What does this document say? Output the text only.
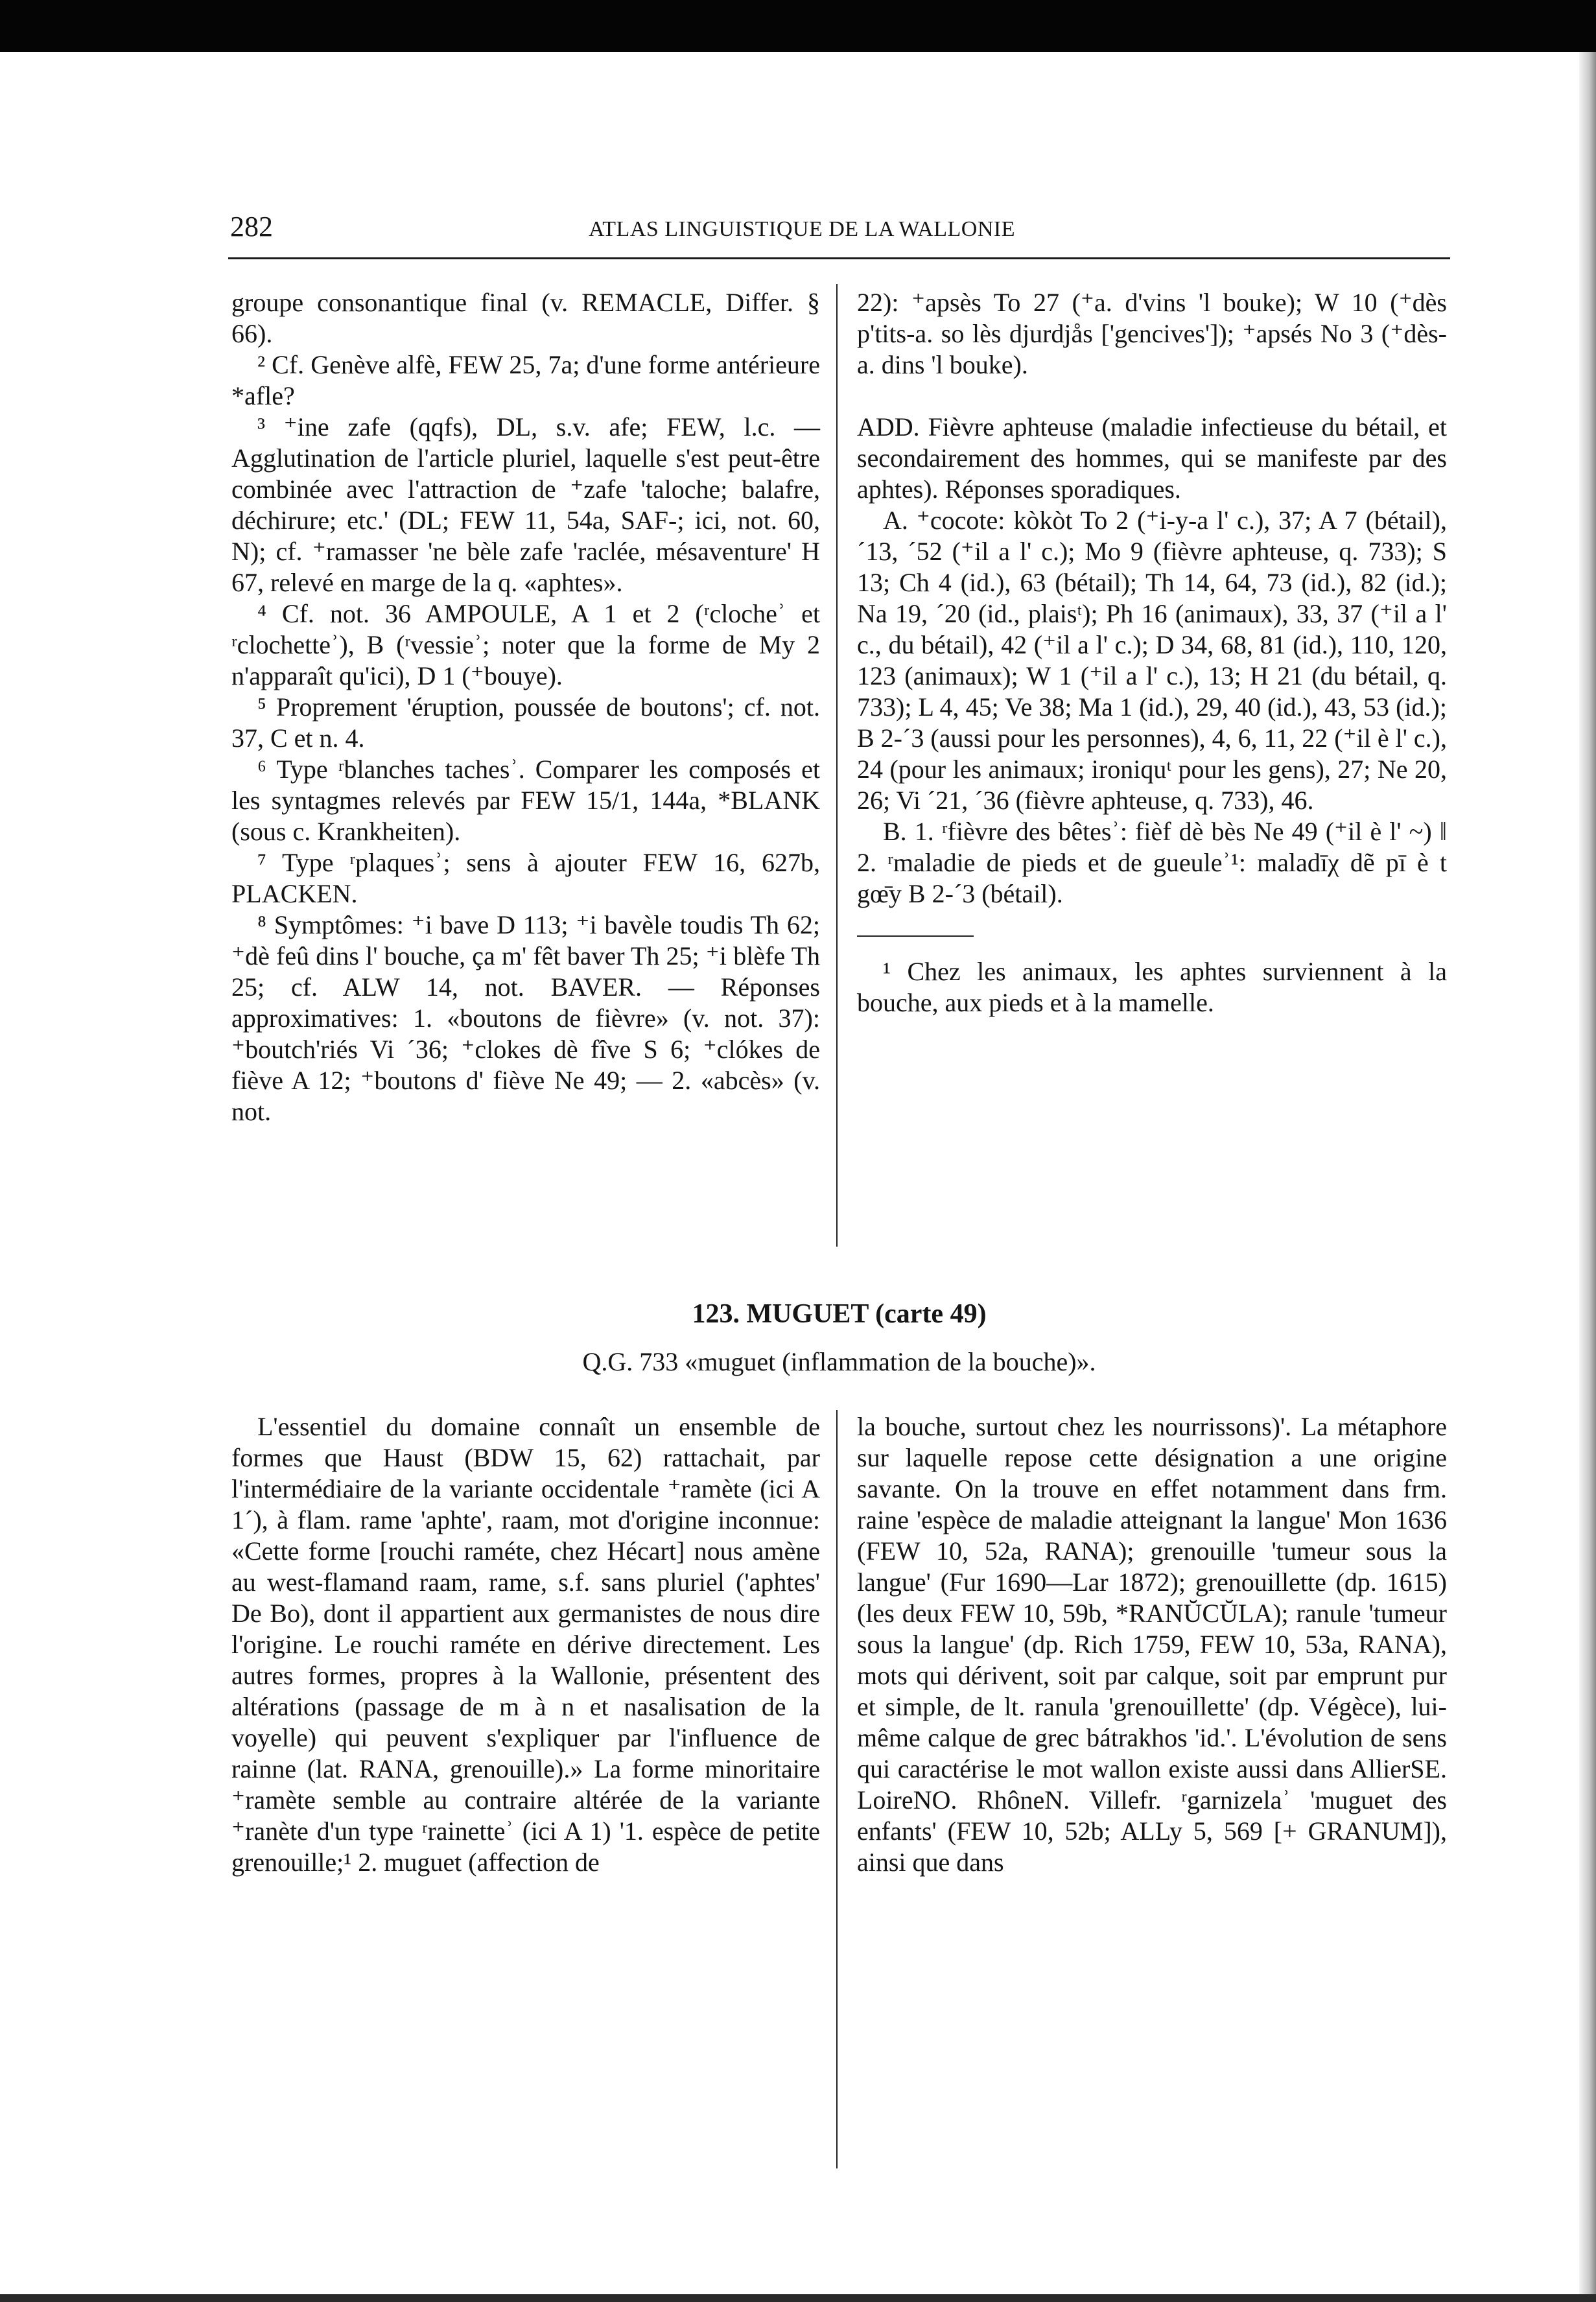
282	ATLAS LINGUISTIQUE DE LA WALLONIE

groupe consonantique final (v. REMACLE, Differ. § 66).

² Cf. Genève alfè, FEW 25, 7a; d'une forme antérieure *afle?

³ ⁺ine zafe (qqfs), DL, s.v. afe; FEW, l.c. — Agglutination de l'article pluriel, laquelle s'est peut-être combinée avec l'attraction de ⁺zafe 'taloche; balafre, déchirure; etc.' (DL; FEW 11, 54a, SAF-; ici, not. 60, N); cf. ⁺ramasser 'ne bèle zafe 'raclée, mésaventure' H 67, relevé en marge de la q. «aphtes».

⁴ Cf. not. 36 AMPOULE, A 1 et 2 (ʳclocheʾ et ʳclochetteʾ), B (ʳvessieʾ; noter que la forme de My 2 n'apparaît qu'ici), D 1 (⁺bouye).

⁵ Proprement 'éruption, poussée de boutons'; cf. not. 37, C et n. 4.

⁶ Type ʳblanches tachesʾ. Comparer les composés et les syntagmes relevés par FEW 15/1, 144a, *BLANK (sous c. Krankheiten).

⁷ Type ʳplaquesʾ; sens à ajouter FEW 16, 627b, PLACKEN.

⁸ Symptômes: ⁺i bave D 113; ⁺i bavèle toudis Th 62; ⁺dè feû dins l' bouche, ça m' fêt baver Th 25; ⁺i blèfe Th 25; cf. ALW 14, not. BAVER. — Réponses approximatives: 1. «boutons de fièvre» (v. not. 37): ⁺boutch'riés Vi ´36; ⁺clokes dè fîve S 6; ⁺clókes de fiève A 12; ⁺boutons d' fiève Ne 49; — 2. «abcès» (v. not.

22): ⁺apsès To 27 (⁺a. d'vins 'l bouke); W 10 (⁺dès p'tits-a. so lès djurdjås ['gencives']); ⁺apsés No 3 (⁺dès-a. dins 'l bouke).

ADD. Fièvre aphteuse (maladie infectieuse du bétail, et secondairement des hommes, qui se manifeste par des aphtes). Réponses sporadiques.

A. ⁺cocote: kòkòt To 2 (⁺i-y-a l' c.), 37; A 7 (bétail), ´13, ´52 (⁺il a l' c.); Mo 9 (fièvre aphteuse, q. 733); S 13; Ch 4 (id.), 63 (bétail); Th 14, 64, 73 (id.), 82 (id.); Na 19, ´20 (id., plaisᵗ); Ph 16 (animaux), 33, 37 (⁺il a l' c., du bétail), 42 (⁺il a l' c.); D 34, 68, 81 (id.), 110, 120, 123 (animaux); W 1 (⁺il a l' c.), 13; H 21 (du bétail, q. 733); L 4, 45; Ve 38; Ma 1 (id.), 29, 40 (id.), 43, 53 (id.); B 2-´3 (aussi pour les personnes), 4, 6, 11, 22 (⁺il è l' c.), 24 (pour les animaux; ironiquᵗ pour les gens), 27; Ne 20, 26; Vi ´21, ´36 (fièvre aphteuse, q. 733), 46.

B. 1. ʳfièvre des bêtesʾ: fièf dè bès Ne 49 (⁺il è l' ~) ‖ 2. ʳmaladie de pieds et de gueuleʾ¹: maladīχ dẽ pī è t gœ̄y B 2-´3 (bétail).

¹ Chez les animaux, les aphtes surviennent à la bouche, aux pieds et à la mamelle.

123. MUGUET (carte 49)
Q.G. 733 «muguet (inflammation de la bouche)».

L'essentiel du domaine connaît un ensemble de formes que Haust (BDW 15, 62) rattachait, par l'intermédiaire de la variante occidentale ⁺ramète (ici A 1´), à flam. rame 'aphte', raam, mot d'origine inconnue: «Cette forme [rouchi raméte, chez Hécart] nous amène au west-flamand raam, rame, s.f. sans pluriel ('aphtes' De Bo), dont il appartient aux germanistes de nous dire l'origine. Le rouchi raméte en dérive directement. Les autres formes, propres à la Wallonie, présentent des altérations (passage de m à n et nasalisation de la voyelle) qui peuvent s'expliquer par l'influence de rainne (lat. RANA, grenouille).» La forme minoritaire ⁺ramète semble au contraire altérée de la variante ⁺ranète d'un type ʳrainetteʾ (ici A 1) '1. espèce de petite grenouille;¹ 2. muguet (affection de

la bouche, surtout chez les nourrissons)'. La métaphore sur laquelle repose cette désignation a une origine savante. On la trouve en effet notamment dans frm. raine 'espèce de maladie atteignant la langue' Mon 1636 (FEW 10, 52a, RANA); grenouille 'tumeur sous la langue' (Fur 1690—Lar 1872); grenouillette (dp. 1615) (les deux FEW 10, 59b, *RANŬCŬLA); ranule 'tumeur sous la langue' (dp. Rich 1759, FEW 10, 53a, RANA), mots qui dérivent, soit par calque, soit par emprunt pur et simple, de lt. ranula 'grenouillette' (dp. Végèce), lui-même calque de grec bátrakhos 'id.'. L'évolution de sens qui caractérise le mot wallon existe aussi dans AllierSE. LoireNO. RhôneN. Villefr. ʳgarnizelaʾ 'muguet des enfants' (FEW 10, 52b; ALLy 5, 569 [+ GRANUM]), ainsi que dans
